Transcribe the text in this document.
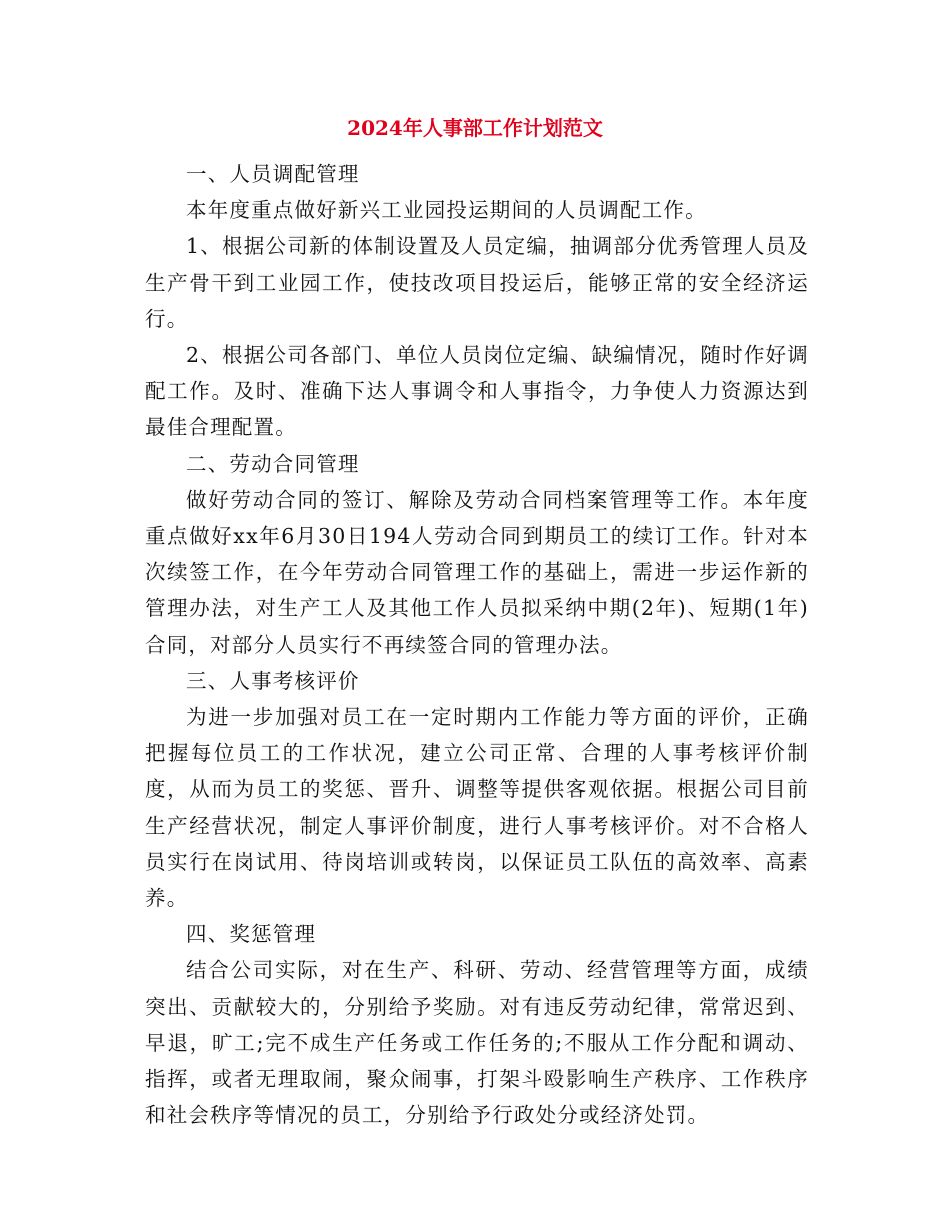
2024年人事部工作计划范文

一、人员调配管理

本年度重点做好新兴工业园投运期间的人员调配工作。

1、根据公司新的体制设置及人员定编，抽调部分优秀管理人员及生产骨干到工业园工作，使技改项目投运后，能够正常的安全经济运行。

2、根据公司各部门、单位人员岗位定编、缺编情况，随时作好调配工作。及时、准确下达人事调令和人事指令，力争使人力资源达到最佳合理配置。

二、劳动合同管理

做好劳动合同的签订、解除及劳动合同档案管理等工作。本年度重点做好xx年6月30日194人劳动合同到期员工的续订工作。针对本次续签工作，在今年劳动合同管理工作的基础上，需进一步运作新的管理办法，对生产工人及其他工作人员拟采纳中期(2年)、短期(1年)合同，对部分人员实行不再续签合同的管理办法。

三、人事考核评价

为进一步加强对员工在一定时期内工作能力等方面的评价，正确把握每位员工的工作状况，建立公司正常、合理的人事考核评价制度，从而为员工的奖惩、晋升、调整等提供客观依据。根据公司目前生产经营状况，制定人事评价制度，进行人事考核评价。对不合格人员实行在岗试用、待岗培训或转岗，以保证员工队伍的高效率、高素养。

四、奖惩管理

结合公司实际，对在生产、科研、劳动、经营管理等方面，成绩突出、贡献较大的，分别给予奖励。对有违反劳动纪律，常常迟到、早退，旷工;完不成生产任务或工作任务的;不服从工作分配和调动、指挥，或者无理取闹，聚众闹事，打架斗殴影响生产秩序、工作秩序和社会秩序等情况的员工，分别给予行政处分或经济处罚。
